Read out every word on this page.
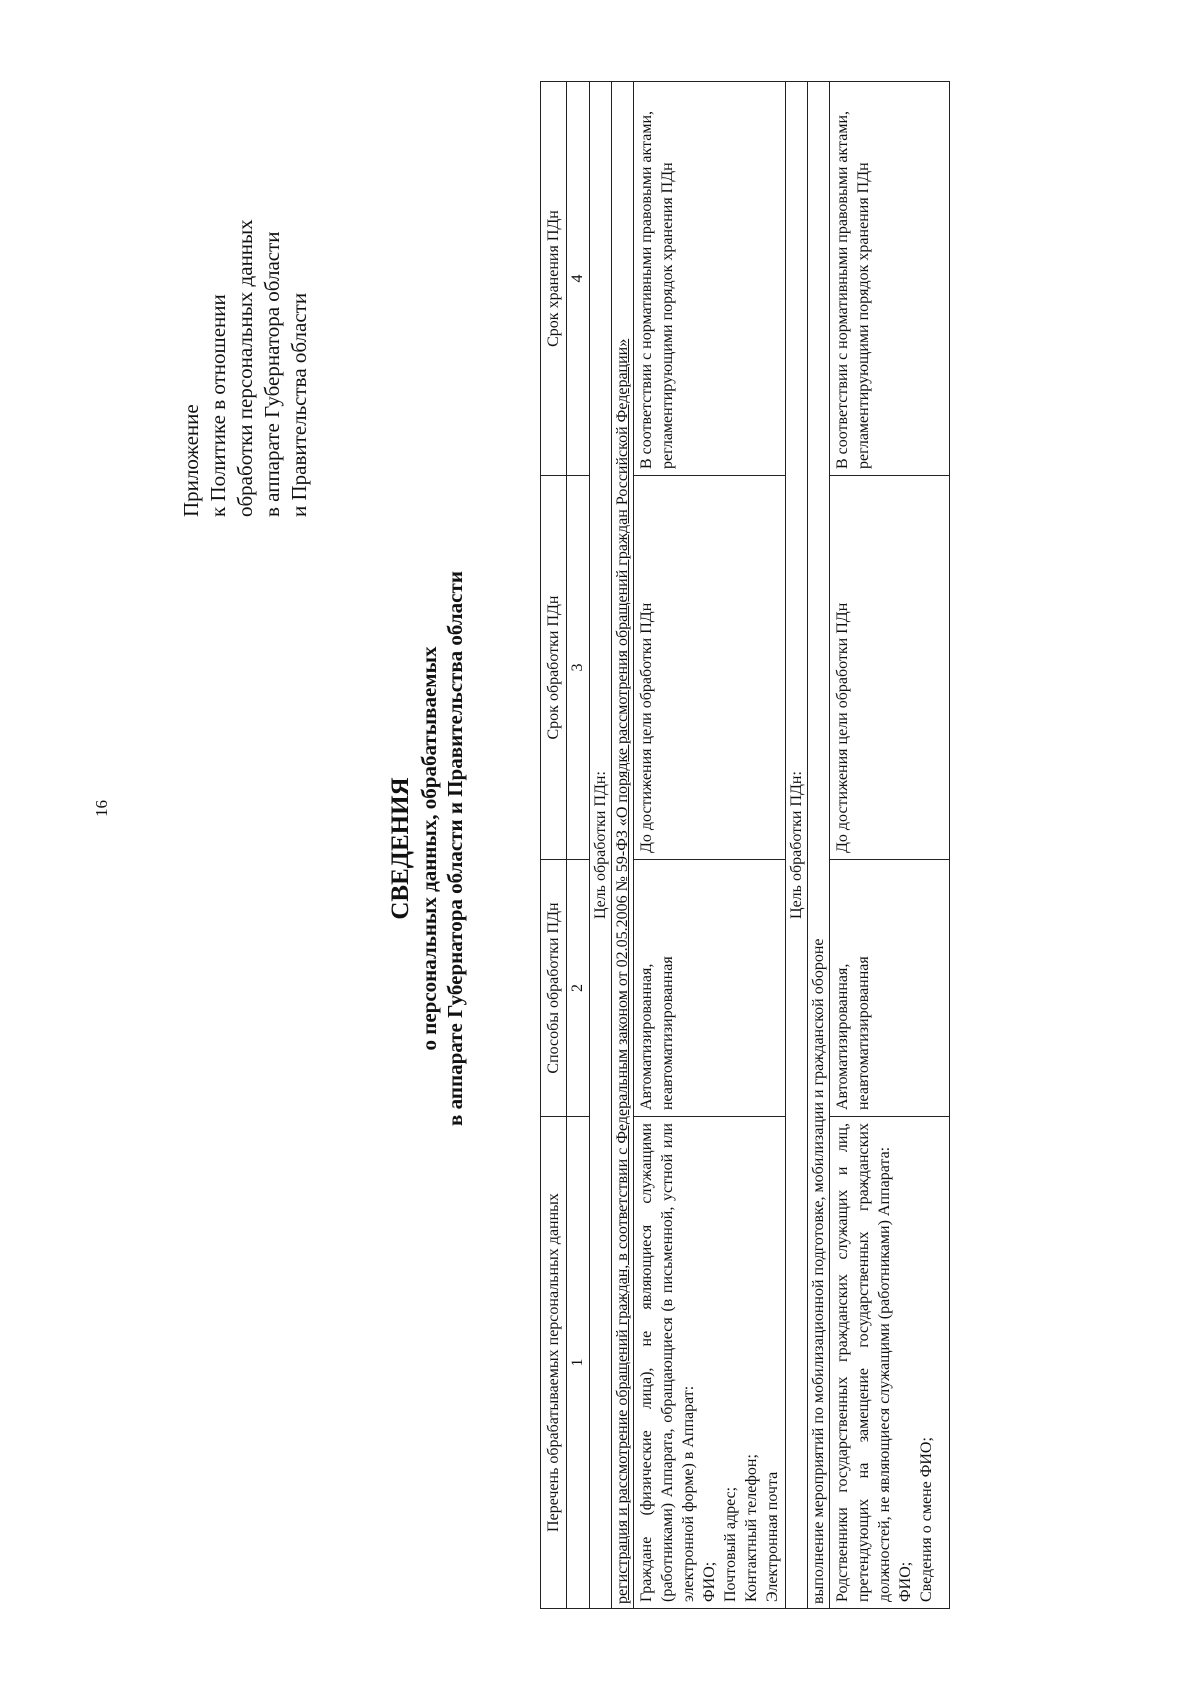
16
Приложение к Политике в отношении обработки персональных данных в аппарате Губернатора области и Правительства области
СВЕДЕНИЯ о персональных данных, обрабатываемых в аппарате Губернатора области и Правительства области
Перечень обрабатываемых персональных данных	Способы обработки ПДн	Срок обработки ПДн	Срок хранения ПДн
1	2	3	4
Цель обработки ПДн:			
регистрация и рассмотрение обращений граждан, в соответствии с Федеральным законом от 02.05.2006 № 59-ФЗ «О порядке рассмотрения обращений граждан Российской Федерации»			

Граждане (физические лица), не являющиеся служащими (работниками) Аппарата, обращающиеся (в письменной, устной или электронной форме) в Аппарат: ФИО; Почтовый адрес; Контактный телефон; Электронная почта	Автоматизированная, неавтоматизированная	До достижения цели обработки ПДн	В соответствии с нормативными правовыми актами, регламентирующими порядок хранения ПДн
Цель обработки ПДн:			
выполнение мероприятий по мобилизационной подготовке, мобилизации и гражданской обороне			

Родственники государственных гражданских служащих и лиц, претендующих на замещение государственных гражданских должностей, не являющиеся служащими (работниками) Аппарата: ФИО; Сведения о смене ФИО;	Автоматизированная, неавтоматизированная	До достижения цели обработки ПДн	В соответствии с нормативными правовыми актами, регламентирующими порядок хранения ПДн
